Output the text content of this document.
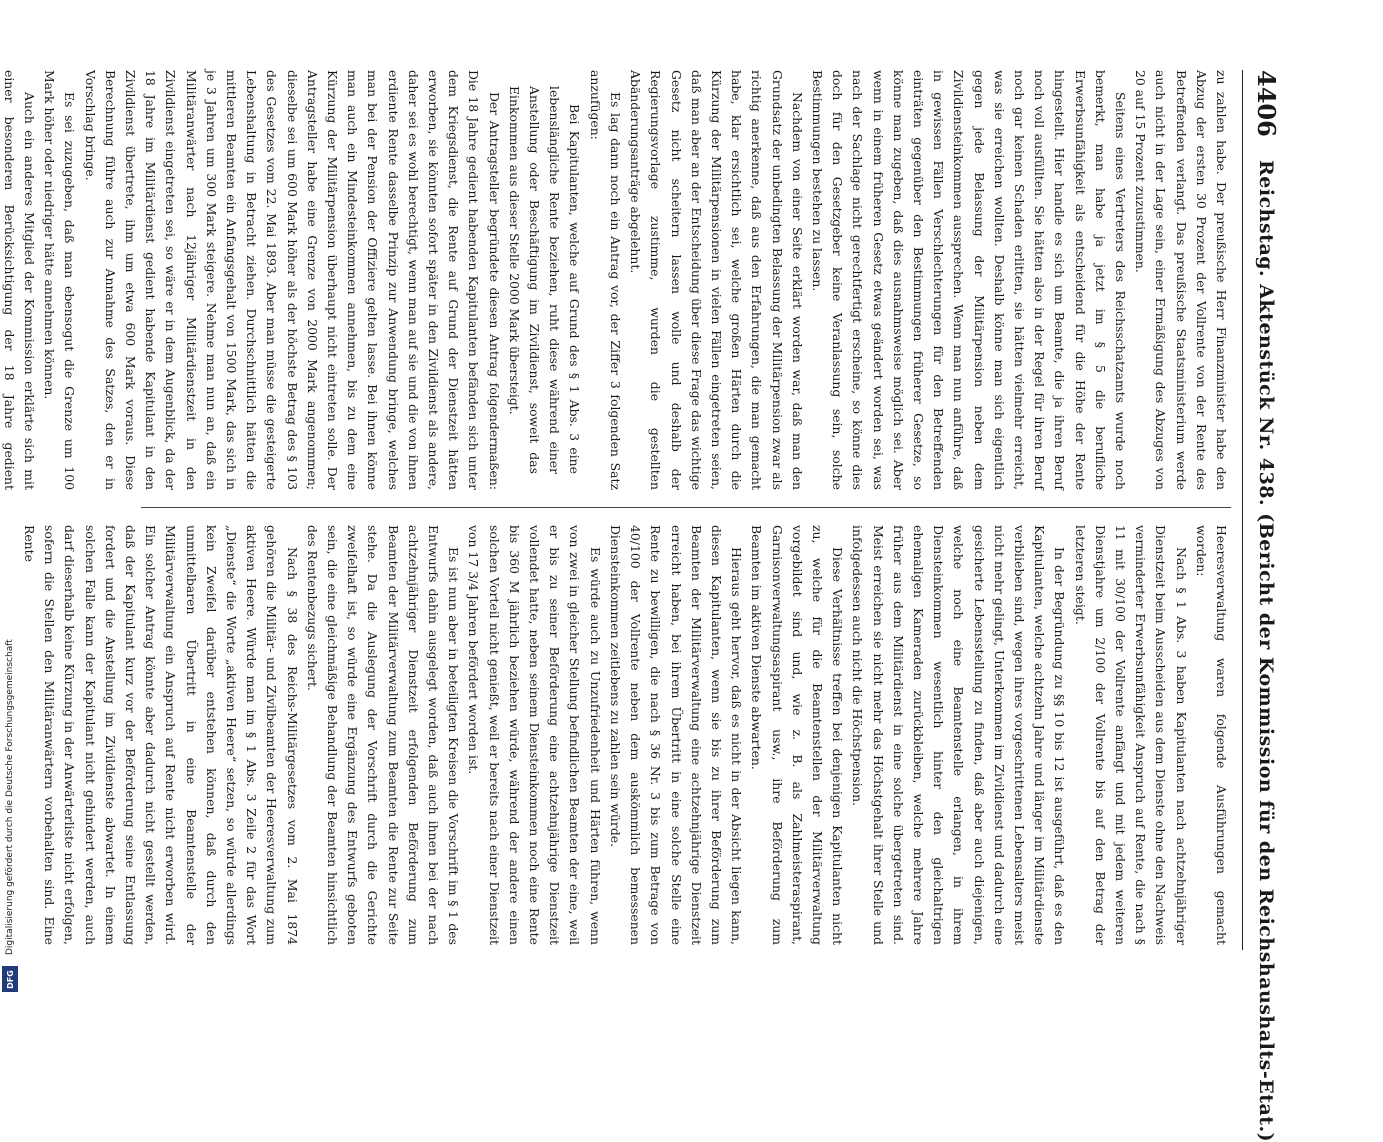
Digitalisierung gefördert durch die Deutsche Forschungsgemeinschaft
DFG
4406
Reichstag. Aktenstück Nr. 438. (Bericht der Kommission für den Reichshaushalts-Etat.)

zu zahlen habe. Der preußische Herr Finanzminister habe den Abzug der ersten 30 Prozent der Vollrente von der Rente des Betreffenden verlangt. Das preußische Staatsministerium werde auch nicht in der Lage sein, einer Ermäßigung des Abzuges von 20 auf 15 Prozent zuzustimmen.

Seitens eines Vertreters des Reichsschatzamts wurde noch bemerkt, man habe ja jetzt im § 5 die berufliche Erwerbsunfähigkeit als entscheidend für die Höhe der Rente hingestellt. Hier handle es sich um Beamte, die ja ihren Beruf noch voll ausfüllten. Sie hätten also in der Regel für ihren Beruf noch gar keinen Schaden erlitten, sie hätten vielmehr erreicht, was sie erreichen wollten. Deshalb könne man sich eigentlich gegen jede Belassung der Militärpension neben dem Zivildiensteinkommen aussprechen. Wenn man nun anführe, daß in gewissen Fällen Verschlechterungen für den Betreffenden einträten gegenüber den Bestimmungen früherer Gesetze, so könne man zugeben, daß dies ausnahmsweise möglich sei. Aber wenn in einem früheren Gesetz etwas geändert worden sei, was nach der Sachlage nicht gerechtfertigt erscheine, so könne dies doch für den Gesetzgeber keine Veranlassung sein, solche Bestimmungen bestehen zu lassen.

Nachdem von einer Seite erklärt worden war, daß man den Grundsatz der unbedingten Belassung der Militärpension zwar als richtig anerkenne, daß aus den Erfahrungen, die man gemacht habe, klar ersichtlich sei, welche großen Härten durch die Kürzung der Militärpensionen in vielen Fällen eingetreten seien, daß man aber an der Entscheidung über diese Frage das wichtige Gesetz nicht scheitern lassen wolle und deshalb der Regierungsvorlage zustimme, wurden die gestellten Abänderungsanträge abgelehnt.

Es lag dann noch ein Antrag vor, der Ziffer 3 folgenden Satz anzufügen:

Bei Kapitulanten, welche auf Grund des § 1 Abs. 3 eine lebenslängliche Rente beziehen, ruht diese während einer Anstellung oder Beschäftigung im Zivildienst, soweit das Einkommen aus dieser Stelle 2000 Mark übersteigt.

Der Antragsteller begründete diesen Antrag folgendermaßen: Die 18 Jahre gedient habenden Kapitulanten befänden sich unter dem Kriegsdienst, die Rente auf Grund der Dienstzeit hätten erworben, sie könnten sofort später in den Zivildienst als andere, daher sei es wohl berechtigt, wenn man auf sie und die von ihnen erdiente Rente dasselbe Prinzip zur Anwendung bringe, welches man bei der Pension der Offiziere gelten lasse. Bei ihnen könne man auch ein Mindesteinkommen annehmen, bis zu dem eine Kürzung der Militärpension überhaupt nicht eintreten solle. Der Antragsteller habe eine Grenze von 2000 Mark angenommen; dieselbe sei um 600 Mark höher als der höchste Betrag des § 103 des Gesetzes vom 22. Mai 1893. Aber man müsse die gesteigerte Lebenshaltung in Betracht ziehen. Durchschnittlich hätten die mittleren Beamten ein Anfangsgehalt von 1500 Mark, das sich in je 3 Jahren um 300 Mark steigere. Nehme man nun an, daß ein Militäranwärter nach 12jähriger Militärdienstzeit in den Zivildienst eingetreten sei, so wäre er in dem Augenblick, da der 18 Jahre im Militärdienst gedient habende Kapitulant in den Zivildienst übertrete, ihm um etwa 600 Mark voraus. Diese Berechnung führe auch zur Annahme des Satzes, den er in Vorschlag bringe.

Es sei zuzugeben, daß man ebensogut die Grenze um 100 Mark höher oder niedriger hätte annehmen können.

Auch ein anderes Mitglied der Kommission erklärte sich mit einer besonderen Berücksichtigung der 18 Jahre gedient

Heeresverwaltung waren folgende Ausführungen gemacht worden:

Nach § 1 Abs. 3 haben Kapitulanten nach achtzehnjähriger Dienstzeit beim Ausscheiden aus dem Dienste ohne den Nachweis verminderter Erwerbsunfähigkeit Anspruch auf Rente, die nach § 11 mit 30/100 der Vollrente anfängt und mit jedem weiteren Dienstjahre um 2/100 der Vollrente bis auf den Betrag der letzteren steigt.

In der Begründung zu §§ 10 bis 12 ist ausgeführt, daß es den Kapitulanten, welche achtzehn Jahre und länger im Militärdienste verblieben sind, wegen ihres vorgeschrittenen Lebensalters meist nicht mehr gelingt, Unterkommen im Zivildienst und dadurch eine gesicherte Lebensstellung zu finden, daß aber auch diejenigen, welche noch eine Beamtenstelle erlangen, in ihrem Diensteinkommen wesentlich hinter den gleichaltrigen ehemaligen Kameraden zurückbleiben, welche mehrere Jahre früher aus dem Militärdienst in eine solche übergetreten sind. Meist erreichen sie nicht mehr das Höchstgehalt ihrer Stelle und infolgedessen auch nicht die Höchstpension.

Diese Verhältnisse treffen bei denjenigen Kapitulanten nicht zu, welche für die Beamtenstellen der Militärverwaltung vorgebildet sind und, wie z. B. als Zahlmeisteraspirant, Garnisonverwaltungsaspirant usw., ihre Beförderung zum Beamten im aktiven Dienste abwarten.

Hieraus geht hervor, daß es nicht in der Absicht liegen kann, diesen Kapitulanten, wenn sie bis zu ihrer Beförderung zum Beamten der Militärverwaltung eine achtzehnjährige Dienstzeit erreicht haben, bei ihrem Übertritt in eine solche Stelle eine Rente zu bewilligen, die nach § 36 Nr. 3 bis zum Betrage von 40/100 der Vollrente neben dem auskömmlich bemessenen Diensteinkommen zeitlebens zu zahlen sein würde.

Es würde auch zu Unzufriedenheit und Härten führen, wenn von zwei in gleicher Stellung befindlichen Beamten der eine, weil er bis zu seiner Beförderung eine achtzehnjährige Dienstzeit vollendet hatte, neben seinem Diensteinkommen noch eine Rente bis 360 M jährlich beziehen würde, während der andere einen solchen Vorteil nicht genießt, weil er bereits nach einer Dienstzeit von 17 3/4 Jahren befördert worden ist.

Es ist nun aber in beteiligten Kreisen die Vorschrift im § 1 des Entwurfs dahin ausgelegt worden, daß auch ihnen bei der nach achtzehnjähriger Dienstzeit erfolgenden Beförderung zum Beamten der Militärverwaltung zum Beamten die Rente zur Seite stehe. Da die Auslegung der Vorschrift durch die Gerichte zweifelhaft ist, so würde eine Ergänzung des Entwurfs geboten sein, die eine gleichmäßige Behandlung der Beamten hinsichtlich des Rentenbezugs sichert.

Nach § 38 des Reichs-Militärgesetzes vom 2. Mai 1874 gehören die Militär- und Zivilbeamten der Heeresverwaltung zum aktiven Heere. Würde man im § 1 Abs. 3 Zeile 2 für das Wort „Dienste“ die Worte „aktiven Heere“ setzen, so würde allerdings kein Zweifel darüber entstehen können, daß durch den unmittelbaren Übertritt in eine Beamtenstelle der Militärverwaltung ein Anspruch auf Rente nicht erworben wird. Ein solcher Antrag könnte aber dadurch nicht gestellt werden, daß der Kapitulant kurz vor der Beförderung seine Entlassung fordert und die Anstellung im Zivildienste abwartet. In einem solchen Falle kann der Kapitulant nicht gehindert werden, auch darf dieserhalb keine Kürzung in der Anwärterliste nicht erfolgen, sofern die Stellen den Militäranwärtern vorbehalten sind. Eine Rente
